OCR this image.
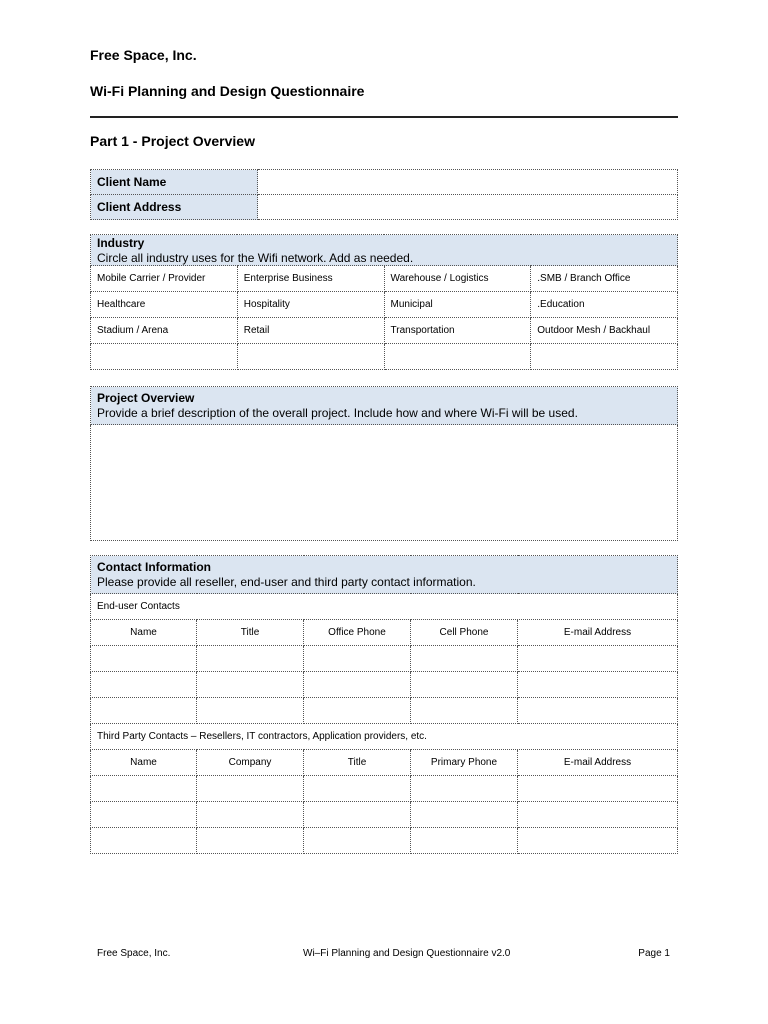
Free Space, Inc.
Wi-Fi Planning and Design Questionnaire
Part 1 - Project Overview
Client Name	
Client Address	
Industry
Circle all industry uses for the Wifi network. Add as needed.			

Mobile Carrier / Provider	Enterprise Business	Warehouse / Logistics	.SMB / Branch Office
Healthcare	Hospitality	Municipal	.Education
Stadium / Arena	Retail	Transportation	Outdoor Mesh / Backhaul

Project Overview
Provide a brief description of the overall project. Include how and where Wi-Fi will be used.

Contact Information
Please provide all reseller, end-user and third party contact information.				

End-user Contacts				
Name	Title	Office Phone	Cell Phone	E-mail Address

Third Party Contacts – Resellers, IT contractors, Application providers, etc.				
Name	Company	Title	Primary Phone	E-mail Address

Free Space, Inc.	Wi–Fi Planning and Design Questionnaire v2.0	Page 1
